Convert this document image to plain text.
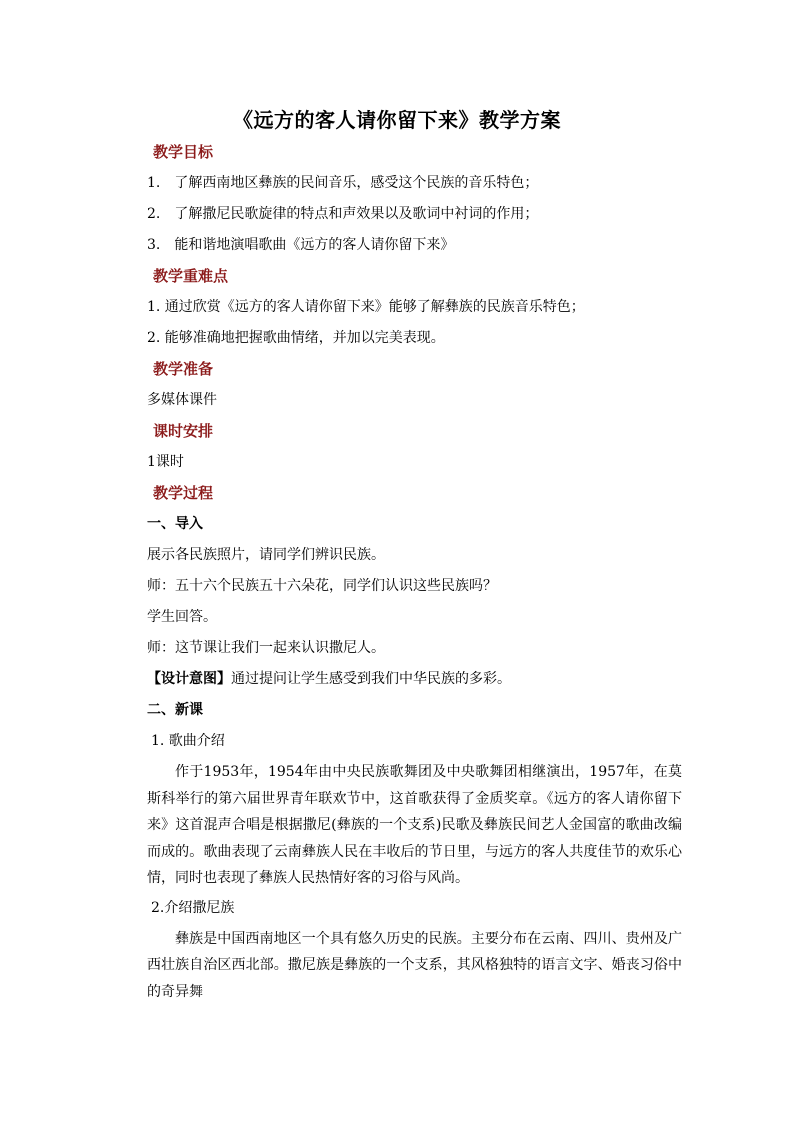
《远方的客人请你留下来》教学方案
教学目标
1.　了解西南地区彝族的民间音乐，感受这个民族的音乐特色；
2.　了解撒尼民歌旋律的特点和声效果以及歌词中衬词的作用；
3.　能和谐地演唱歌曲《远方的客人请你留下来》
教学重难点
1. 通过欣赏《远方的客人请你留下来》能够了解彝族的民族音乐特色；
2. 能够准确地把握歌曲情绪，并加以完美表现。
教学准备
多媒体课件
课时安排
1课时
教学过程
一、导入
展示各民族照片，请同学们辨识民族。
师：五十六个民族五十六朵花，同学们认识这些民族吗？
学生回答。
师：这节课让我们一起来认识撒尼人。
【设计意图】通过提问让学生感受到我们中华民族的多彩。
二、新课
1. 歌曲介绍

作于1953年，1954年由中央民族歌舞团及中央歌舞团相继演出，1957年，在莫斯科举行的第六届世界青年联欢节中，这首歌获得了金质奖章。《远方的客人请你留下来》这首混声合唱是根据撒尼(彝族的一个支系)民歌及彝族民间艺人金国富的歌曲改编而成的。歌曲表现了云南彝族人民在丰收后的节日里，与远方的客人共度佳节的欢乐心情，同时也表现了彝族人民热情好客的习俗与风尚。

2.介绍撒尼族

彝族是中国西南地区一个具有悠久历史的民族。主要分布在云南、四川、贵州及广西壮族自治区西北部。撒尼族是彝族的一个支系，其风格独特的语言文字、婚丧习俗中的奇异舞
